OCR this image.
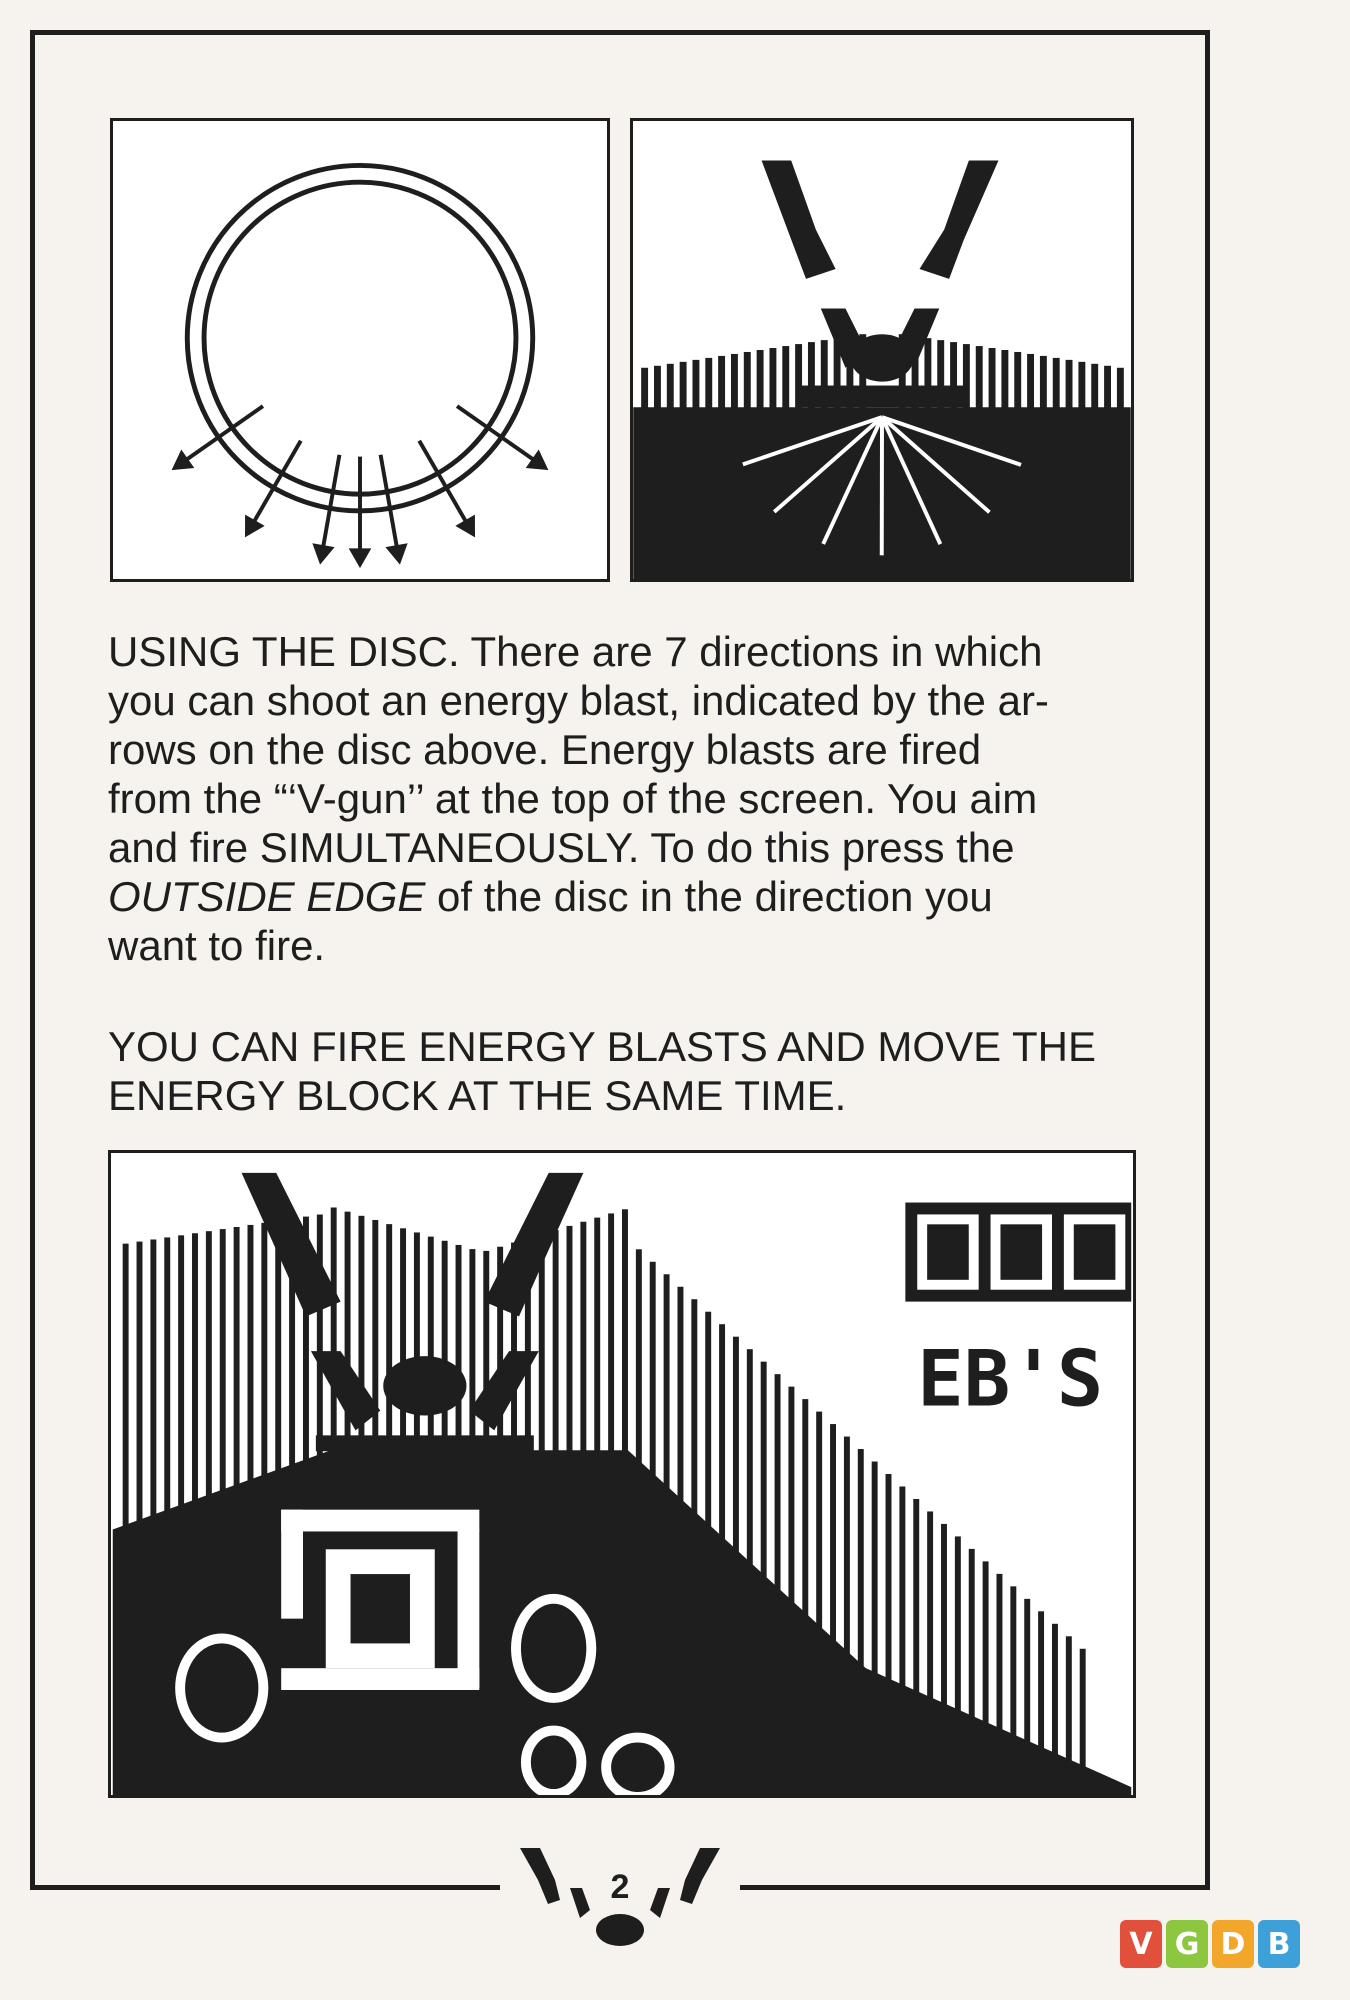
USING THE DISC. There are 7 directions in which
you can shoot an energy blast, indicated by the ar-
rows on the disc above. Energy blasts are fired
from the “‘V-gun’’ at the top of the screen. You aim
and fire SIMULTANEOUSLY. To do this press the
OUTSIDE EDGE of the disc in the direction you
want to fire.

YOU CAN FIRE ENERGY BLASTS AND MOVE THE
ENERGY BLOCK AT THE SAME TIME.

EB'S
2
V G D B
